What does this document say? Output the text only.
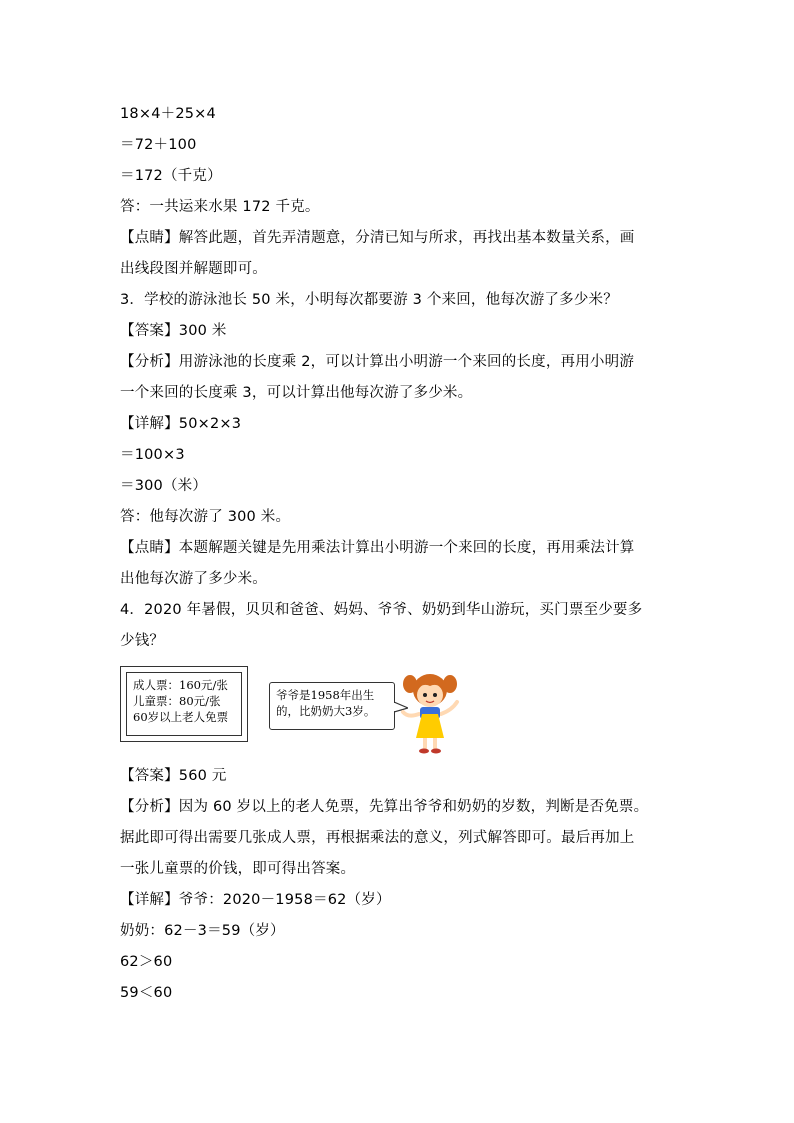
18×4＋25×4
＝72＋100
＝172（千克）
答：一共运来水果 172 千克。
【点睛】解答此题，首先弄清题意，分清已知与所求，再找出基本数量关系，画
出线段图并解题即可。
3．学校的游泳池长 50 米，小明每次都要游 3 个来回，他每次游了多少米？
【答案】300 米
【分析】用游泳池的长度乘 2，可以计算出小明游一个来回的长度，再用小明游
一个来回的长度乘 3，可以计算出他每次游了多少米。
【详解】50×2×3
＝100×3
＝300（米）
答：他每次游了 300 米。
【点睛】本题解题关键是先用乘法计算出小明游一个来回的长度，再用乘法计算
出他每次游了多少米。
4．2020 年暑假，贝贝和爸爸、妈妈、爷爷、奶奶到华山游玩，买门票至少要多
少钱？
成人票：160元/张
儿童票：80元/张
60岁以上老人免票
爷爷是1958年出生
的，比奶奶大3岁。
【答案】560 元
【分析】因为 60 岁以上的老人免票，先算出爷爷和奶奶的岁数，判断是否免票。
据此即可得出需要几张成人票，再根据乘法的意义，列式解答即可。最后再加上
一张儿童票的价钱，即可得出答案。
【详解】爷爷：2020－1958＝62（岁）
奶奶：62－3＝59（岁）
62＞60
59＜60
